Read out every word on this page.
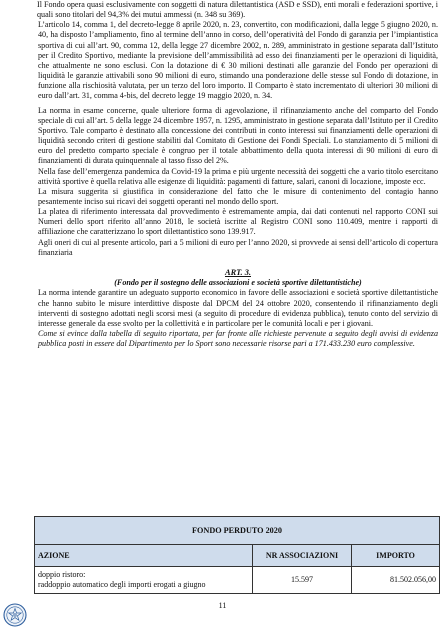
Il Fondo opera quasi esclusivamente con soggetti di natura dilettantistica (ASD e SSD), enti morali e federazioni sportive, i quali sono titolari del 94,3% dei mutui ammessi (n. 348 su 369).

L’articolo 14, comma 1, del decreto-legge 8 aprile 2020, n. 23, convertito, con modificazioni, dalla legge 5 giugno 2020, n. 40, ha disposto l’ampliamento, fino al termine dell’anno in corso, dell’operatività del Fondo di garanzia per l’impiantistica sportiva di cui all’art. 90, comma 12, della legge 27 dicembre 2002, n. 289, amministrato in gestione separata dall’Istituto per il Credito Sportivo, mediante la previsione dell’ammissibilità ad esso dei finanziamenti per le operazioni di liquidità, che attualmente ne sono esclusi. Con la dotazione di € 30 milioni destinati alle garanzie del Fondo per operazioni di liquidità le garanzie attivabili sono 90 milioni di euro, stimando una ponderazione delle stesse sul Fondo di dotazione, in funzione alla rischiosità valutata, per un terzo del loro importo. Il Comparto è stato incrementato di ulteriori 30 milioni di euro dall’art. 31, comma 4-bis, del decreto legge 19 maggio 2020, n. 34.

La norma in esame concerne, quale ulteriore forma di agevolazione, il rifinanziamento anche del comparto del Fondo speciale di cui all’art. 5 della legge 24 dicembre 1957, n. 1295, amministrato in gestione separata dall’Istituto per il Credito Sportivo. Tale comparto è destinato alla concessione dei contributi in conto interessi sui finanziamenti delle operazioni di liquidità secondo criteri di gestione stabiliti dal Comitato di Gestione dei Fondi Speciali. Lo stanziamento di 5 milioni di euro del predetto comparto speciale è congruo per il totale abbattimento della quota interessi di 90 milioni di euro di finanziamenti di durata quinquennale al tasso fisso del 2%.

Nella fase dell’emergenza pandemica da Covid-19 la prima e più urgente necessità dei soggetti che a vario titolo esercitano attività sportive è quella relativa alle esigenze di liquidità: pagamenti di fatture, salari, canoni di locazione, imposte ecc.

La misura suggerita si giustifica in considerazione del fatto che le misure di contenimento del contagio hanno pesantemente inciso sui ricavi dei soggetti operanti nel mondo dello sport.

La platea di riferimento interessata dal provvedimento è estremamente ampia, dai dati contenuti nel rapporto CONI sui Numeri dello sport riferito all’anno 2018, le società iscritte al Registro CONI sono 110.409, mentre i rapporti di affiliazione che caratterizzano lo sport dilettantistico sono 139.917.

Agli oneri di cui al presente articolo, pari a 5 milioni di euro per l’anno 2020, si provvede ai sensi dell’articolo di copertura finanziaria

ART. 3.

(Fondo per il sostegno delle associazioni e società sportive dilettantistiche)

La norma intende garantire un adeguato supporto economico in favore delle associazioni e società sportive dilettantistiche che hanno subito le misure interdittive disposte dal DPCM del 24 ottobre 2020, consentendo il rifinanziamento degli interventi di sostegno adottati negli scorsi mesi (a seguito di procedure di evidenza pubblica), tenuto conto del servizio di interesse generale da esse svolto per la collettività e in particolare per le comunità locali e per i giovani.

Come si evince dalla tabella di seguito riportata, per far fronte alle richieste pervenute a seguito degli avvisi di evidenza pubblica posti in essere dal Dipartimento per lo Sport sono necessarie risorse pari a 171.433.230 euro complessive.

FONDO PERDUTO 2020		
AZIONE	NR ASSOCIAZIONI	IMPORTO

doppio ristoro:
raddoppio automatico degli importi erogati a giugno	15.597	81.502.056,00
11
